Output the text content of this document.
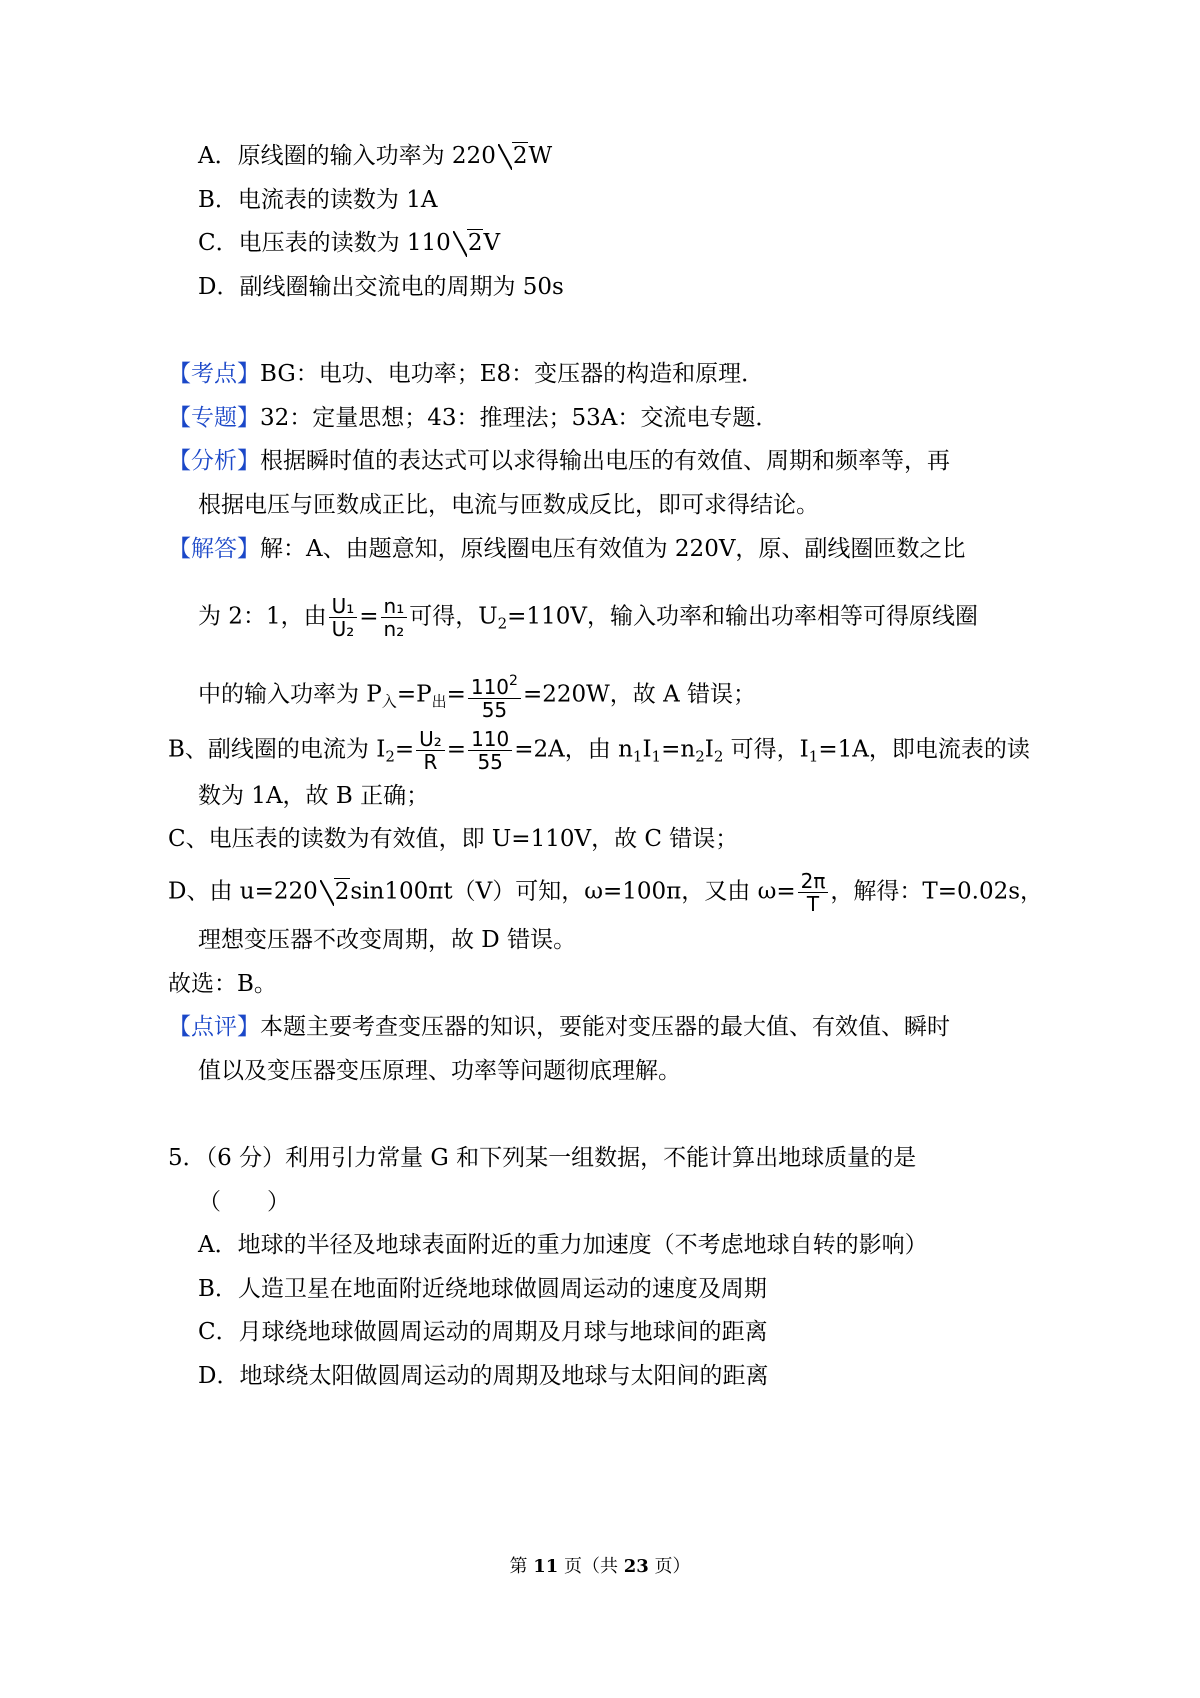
A．原线圈的输入功率为 220 2W
B．电流表的读数为 1A
C．电压表的读数为 110 2V
D．副线圈输出交流电的周期为 50s
【考点】BG：电功、电功率；E8：变压器的构造和原理．
【专题】32：定量思想；43：推理法；53A：交流电专题．
【分析】根据瞬时值的表达式可以求得输出电压的有效值、周期和频率等，再
根据电压与匝数成正比，电流与匝数成反比，即可求得结论。
【解答】解：A、由题意知，原线圈电压有效值为 220V，原、副线圈匝数之比
为 2：1，由 $\frac{\text{U₁}}{\text{U₂}} = \frac{\text{n₁}}{\text{n₂}}$ 可得，$U_2=110V$，输入功率和输出功率相等可得原线圈
中的输入功率为 $P_入=P_出= \frac{110^2}{55} =220W$，故 A 错误；
B、副线圈的电流为 $I_2= \frac{\text{U₂}}{R} = \frac{110}{55} =2A$，由 $n_1I_1=n_2I_2$ 可得，$I_1=1A$，即电流表的读
数为 1A，故 B 正确；
C、电压表的读数为有效值，即 U=110V，故 C 错误；
D、由 u=220 2sin100πt（V）可知，ω=100π，又由 $\omega= \frac{2\pi}{T}$ ，解得：T=0.02s，
理想变压器不改变周期，故 D 错误。
故选：B。
【点评】本题主要考查变压器的知识，要能对变压器的最大值、有效值、瞬时
值以及变压器变压原理、功率等问题彻底理解。
5．（6 分）利用引力常量 G 和下列某一组数据，不能计算出地球质量的是
（　　）
A．地球的半径及地球表面附近的重力加速度（不考虑地球自转的影响）
B．人造卫星在地面附近绕地球做圆周运动的速度及周期
C．月球绕地球做圆周运动的周期及月球与地球间的距离
D．地球绕太阳做圆周运动的周期及地球与太阳间的距离
第 11 页（共 23 页）
